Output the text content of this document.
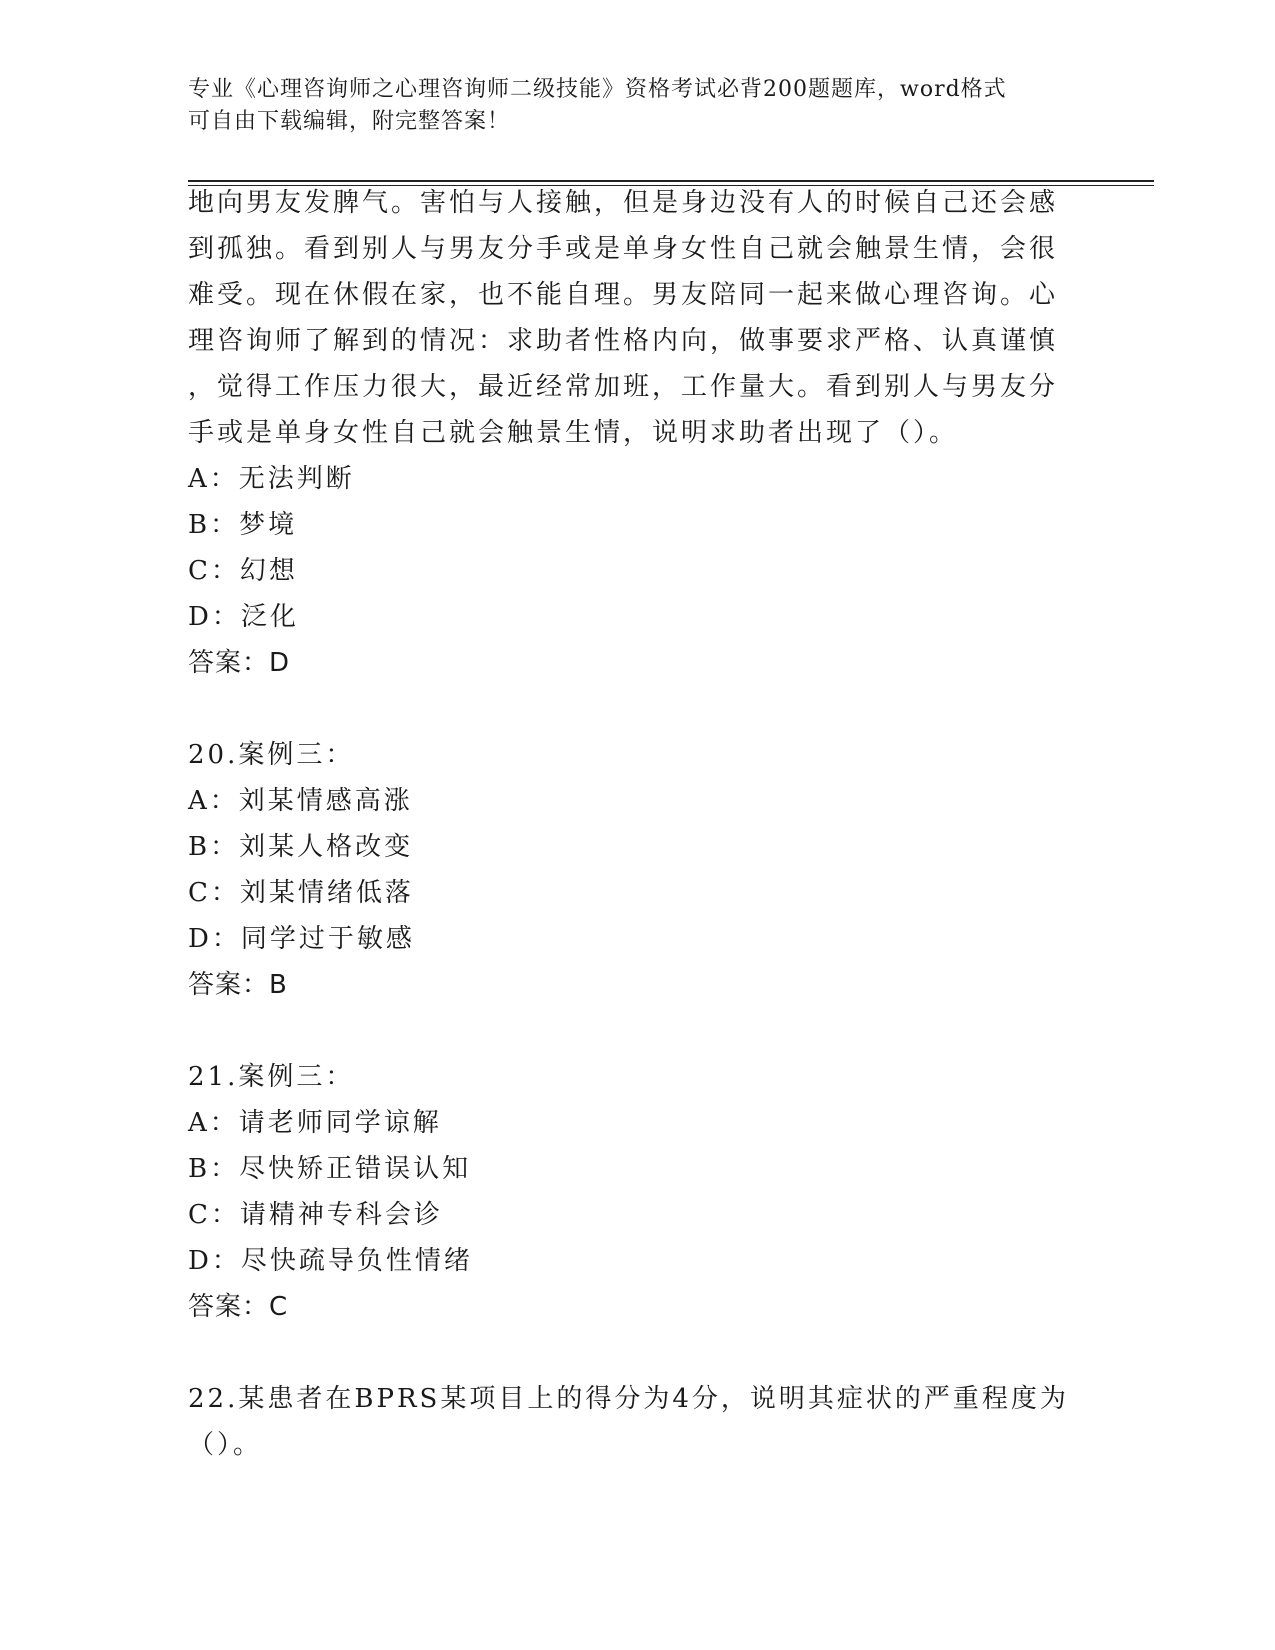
专业《心理咨询师之心理咨询师二级技能》资格考试必背200题题库，word格式
可自由下载编辑，附完整答案！
地向男友发脾气。害怕与人接触，但是身边没有人的时候自己还会感
到孤独。看到别人与男友分手或是单身女性自己就会触景生情，会很
难受。现在休假在家，也不能自理。男友陪同一起来做心理咨询。心
理咨询师了解到的情况：求助者性格内向，做事要求严格、认真谨慎
，觉得工作压力很大，最近经常加班，工作量大。看到别人与男友分
手或是单身女性自己就会触景生情，说明求助者出现了（）。
A：无法判断
B：梦境
C：幻想
D：泛化
答案：D
20.案例三：
A：刘某情感高涨
B：刘某人格改变
C：刘某情绪低落
D：同学过于敏感
答案：B
21.案例三：
A：请老师同学谅解
B：尽快矫正错误认知
C：请精神专科会诊
D：尽快疏导负性情绪
答案：C
22.某患者在BPRS某项目上的得分为4分，说明其症状的严重程度为
（）。
